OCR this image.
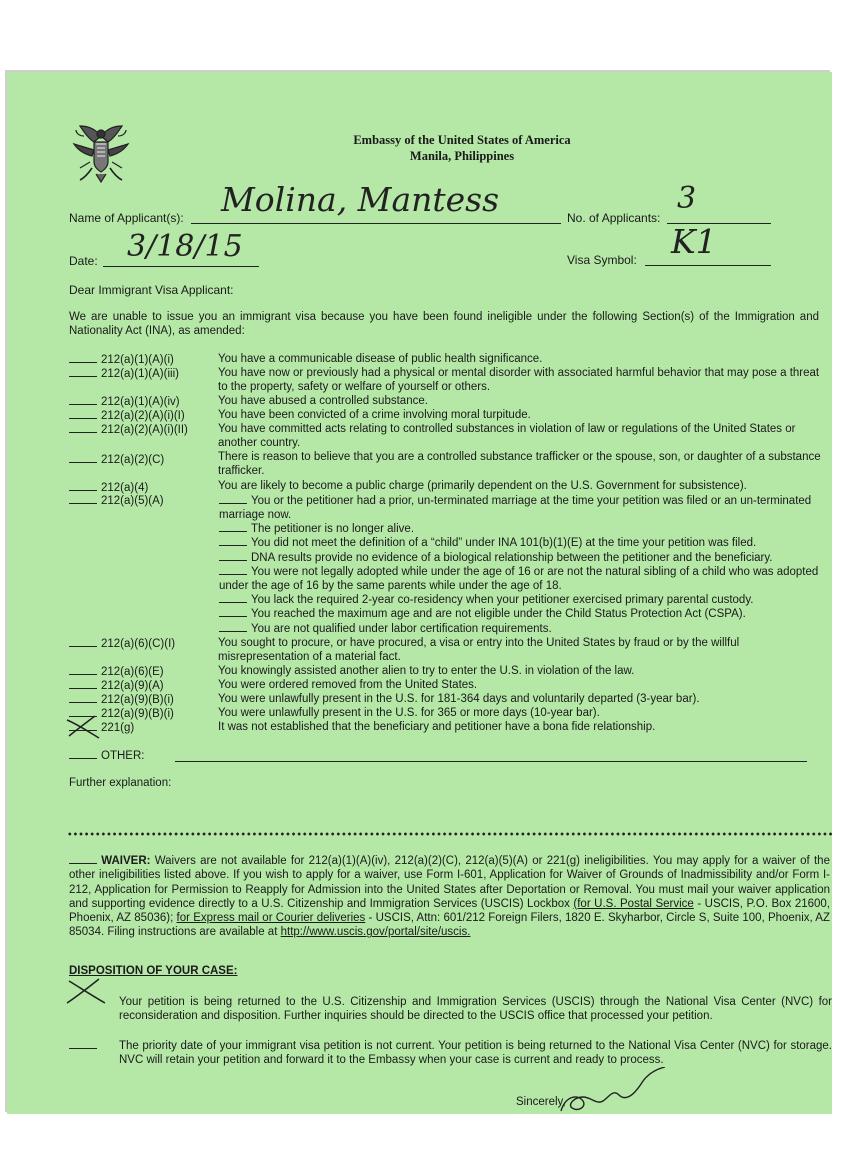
Embassy of the United States of America
Manila, Philippines
Name of Applicant(s): Molina, Mantess	No. of Applicants:
3
Date: 3/18/15	Visa Symbol: K1
Dear Immigrant Visa Applicant:
We are unable to issue you an immigrant visa because you have been found ineligible under the following Section(s) of the Immigration and Nationality Act (INA), as amended:
212(a)(1)(A)(i)	You have a communicable disease of public health significance.
212(a)(1)(A)(iii)	You have now or previously had a physical or mental disorder with associated harmful behavior that may pose a threat to the property, safety or welfare of yourself or others.
212(a)(1)(A)(iv)	You have abused a controlled substance.
212(a)(2)(A)(i)(I)	You have been convicted of a crime involving moral turpitude.
212(a)(2)(A)(i)(II)	You have committed acts relating to controlled substances in violation of law or regulations of the United States or another country.
212(a)(2)(C)	There is reason to believe that you are a controlled substance trafficker or the spouse, son, or daughter of a substance trafficker.
212(a)(4)	You are likely to become a public charge (primarily dependent on the U.S. Government for subsistence).
212(a)(5)(A)	You or the petitioner had a prior, un-terminated marriage at the time your petition was filed or an un-terminated marriage now.
The petitioner is no longer alive.
You did not meet the definition of a “child” under INA 101(b)(1)(E) at the time your petition was filed.
DNA results provide no evidence of a biological relationship between the petitioner and the beneficiary.
You were not legally adopted while under the age of 16 or are not the natural sibling of a child who was adopted under the age of 16 by the same parents while under the age of 18.
You lack the required 2-year co-residency when your petitioner exercised primary parental custody.
You reached the maximum age and are not eligible under the Child Status Protection Act (CSPA).
You are not qualified under labor certification requirements.
212(a)(6)(C)(I)	You sought to procure, or have procured, a visa or entry into the United States by fraud or by the willful misrepresentation of a material fact.
212(a)(6)(E)	You knowingly assisted another alien to try to enter the U.S. in violation of the law.
212(a)(9)(A)	You were ordered removed from the United States.
212(a)(9)(B)(i)	You were unlawfully present in the U.S. for 181-364 days and voluntarily departed (3-year bar).
212(a)(9)(B)(i)	You were unlawfully present in the U.S. for 365 or more days (10-year bar).
221(g)	It was not established that the beneficiary and petitioner have a bona fide relationship.
OTHER:
Further explanation:
WAIVER: Waivers are not available for 212(a)(1)(A)(iv), 212(a)(2)(C), 212(a)(5)(A) or 221(g) ineligibilities. You may apply for a waiver of the other ineligibilities listed above. If you wish to apply for a waiver, use Form I-601, Application for Waiver of Grounds of Inadmissibility and/or Form I-212, Application for Permission to Reapply for Admission into the United States after Deportation or Removal. You must mail your waiver application and supporting evidence directly to a U.S. Citizenship and Immigration Services (USCIS) Lockbox (for U.S. Postal Service - USCIS, P.O. Box 21600, Phoenix, AZ 85036); for Express mail or Courier deliveries - USCIS, Attn: 601/212 Foreign Filers, 1820 E. Skyharbor, Circle S, Suite 100, Phoenix, AZ 85034. Filing instructions are available at http://www.uscis.gov/portal/site/uscis.
DISPOSITION OF YOUR CASE:
Your petition is being returned to the U.S. Citizenship and Immigration Services (USCIS) through the National Visa Center (NVC) for reconsideration and disposition. Further inquiries should be directed to the USCIS office that processed your petition.
The priority date of your immigrant visa petition is not current. Your petition is being returned to the National Visa Center (NVC) for storage. NVC will retain your petition and forward it to the Embassy when your case is current and ready to process.
Sincerely,
